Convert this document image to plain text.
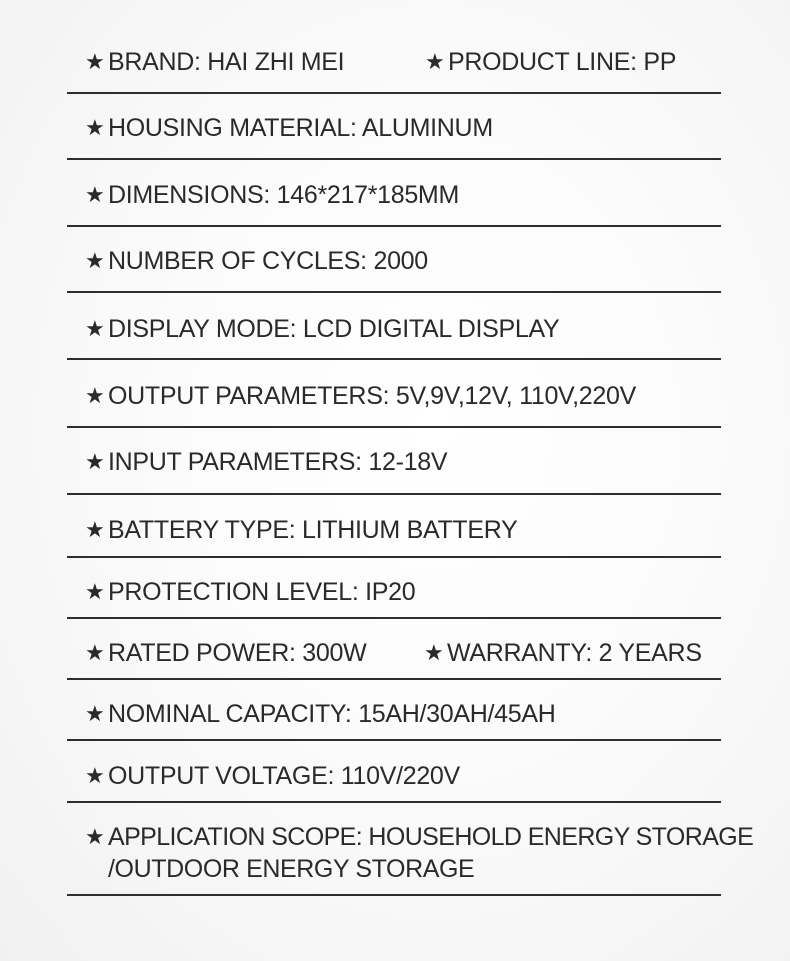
★ BRAND: HAI ZHI MEI	★ PRODUCT LINE: PP
★ HOUSING MATERIAL: ALUMINUM
★ DIMENSIONS: 146*217*185MM
★ NUMBER OF CYCLES: 2000
★ DISPLAY MODE: LCD DIGITAL DISPLAY
★ OUTPUT PARAMETERS: 5V,9V,12V, 110V,220V
★ INPUT PARAMETERS: 12-18V
★ BATTERY TYPE: LITHIUM BATTERY
★ PROTECTION LEVEL: IP20
★ RATED POWER: 300W	★ WARRANTY: 2 YEARS
★ NOMINAL CAPACITY: 15AH/30AH/45AH
★ OUTPUT VOLTAGE: 110V/220V
★ APPLICATION SCOPE: HOUSEHOLD ENERGY STORAGE
/OUTDOOR ENERGY STORAGE
